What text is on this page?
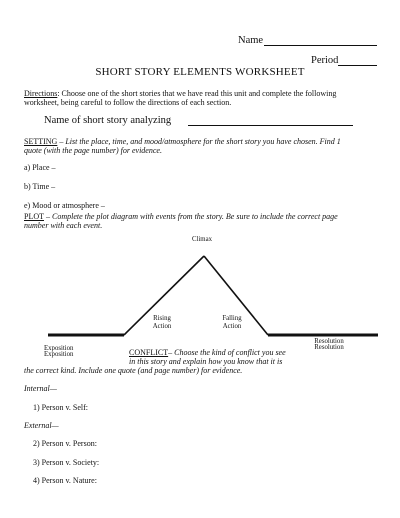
Name
Period
SHORT STORY ELEMENTS WORKSHEET
Directions: Choose one of the short stories that we have read this unit and complete the following
worksheet, being careful to follow the directions of each section.
Name of short story analyzing
SETTING – List the place, time, and mood/atmosphere for the short story you have chosen. Find 1
quote (with the page number) for evidence.
a) Place –
b) Time –
e) Mood or atmosphere –
PLOT – Complete the plot diagram with events from the story. Be sure to include the correct page
number with each event.
Climax
Rising
Action
Falling
Action
Exposition
Exposition
Resolution
Resolution
CONFLICT– Choose the kind of conflict you see
in this story and explain how you know that it is
the correct kind. Include one quote (and page number) for evidence.
Internal—
1) Person v. Self:
External—
2) Person v. Person:
3) Person v. Society:
4) Person v. Nature:
